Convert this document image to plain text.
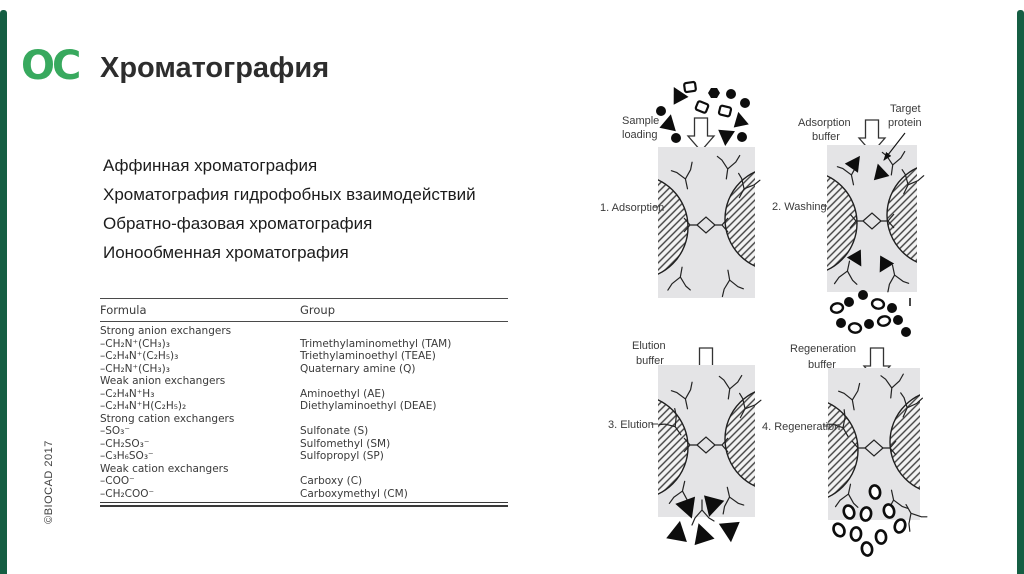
OC Хроматография
Аффинная хроматография
Хроматография гидрофобных взаимодействий
Обратно-фазовая хроматография
Ионообменная хроматография
Formula	Group
Strong anion exchangers
–CH₂N⁺(CH₃)₃	Trimethylaminomethyl (TAM)
–C₂H₄N⁺(C₂H₅)₃	Triethylaminoethyl (TEAE)
–CH₂N⁺(CH₃)₃	Quaternary amine (Q)
Weak anion exchangers
–C₂H₄N⁺H₃	Aminoethyl (AE)
–C₂H₄N⁺H(C₂H₅)₂	Diethylaminoethyl (DEAE)
Strong cation exchangers
–SO₃⁻	Sulfonate (S)
–CH₂SO₃⁻	Sulfomethyl (SM)
–C₃H₆SO₃⁻	Sulfopropyl (SP)
Weak cation exchangers
–COO⁻	Carboxy (C)
–CH₂COO⁻	Carboxymethyl (CM)
©BIOCAD 2017
Sample
loading
1. Adsorption
Adsorption
buffer
2. Washing
Target
protein
Elution
buffer
3. Elution
Regeneration
buffer
4. Regeneration
